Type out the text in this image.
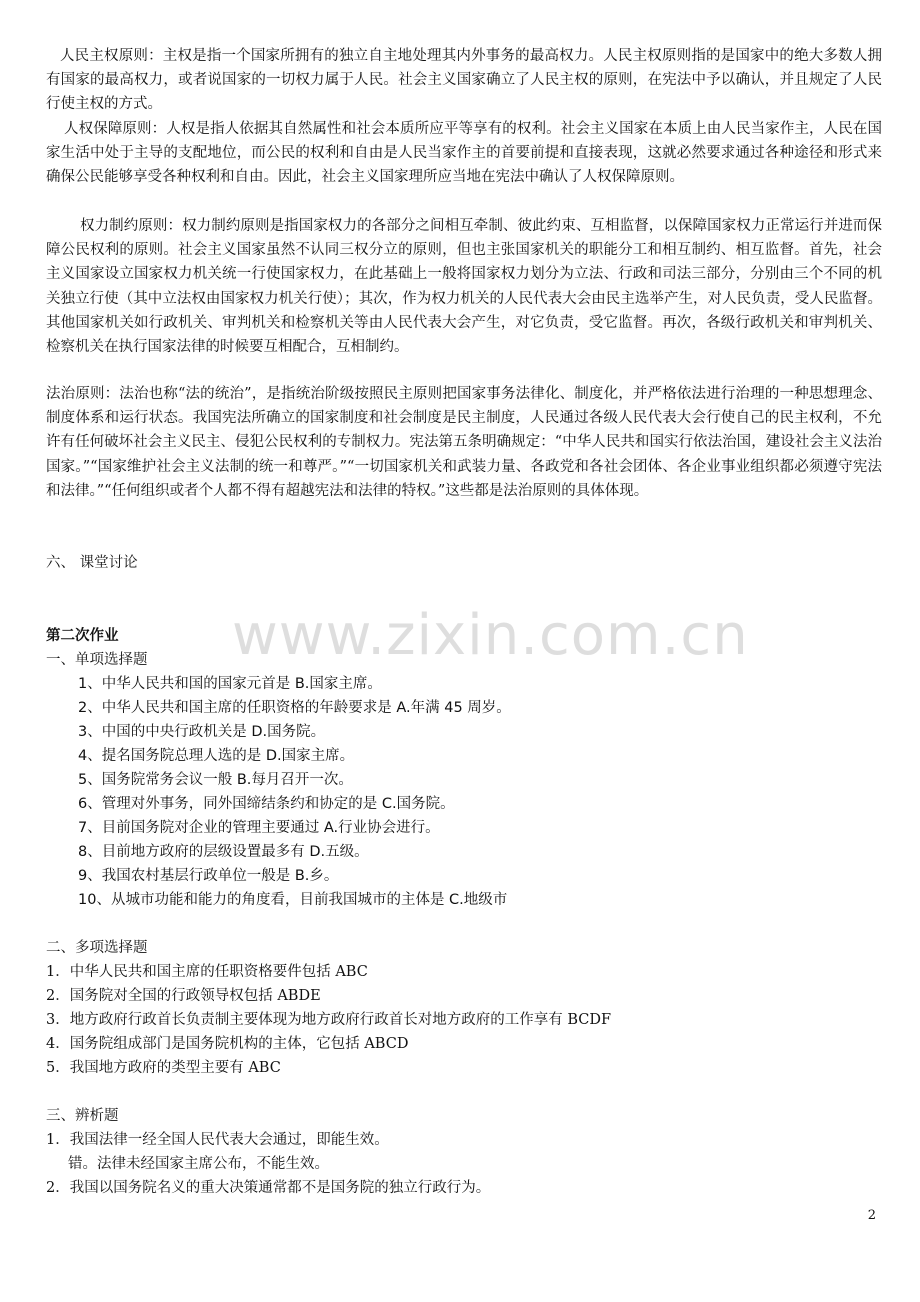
人民主权原则：主权是指一个国家所拥有的独立自主地处理其内外事务的最高权力。人民主权原则指的是国家中的绝大多数人拥有国家的最高权力，或者说国家的一切权力属于人民。社会主义国家确立了人民主权的原则，在宪法中予以确认，并且规定了人民行使主权的方式。

人权保障原则：人权是指人依据其自然属性和社会本质所应平等享有的权利。社会主义国家在本质上由人民当家作主，人民在国家生活中处于主导的支配地位，而公民的权利和自由是人民当家作主的首要前提和直接表现，这就必然要求通过各种途径和形式来确保公民能够享受各种权利和自由。因此，社会主义国家理所应当地在宪法中确认了人权保障原则。

权力制约原则：权力制约原则是指国家权力的各部分之间相互牵制、彼此约束、互相监督，以保障国家权力正常运行并进而保障公民权利的原则。社会主义国家虽然不认同三权分立的原则，但也主张国家机关的职能分工和相互制约、相互监督。首先，社会主义国家设立国家权力机关统一行使国家权力，在此基础上一般将国家权力划分为立法、行政和司法三部分，分别由三个不同的机关独立行使（其中立法权由国家权力机关行使）；其次，作为权力机关的人民代表大会由民主选举产生，对人民负责，受人民监督。其他国家机关如行政机关、审判机关和检察机关等由人民代表大会产生，对它负责，受它监督。再次，各级行政机关和审判机关、检察机关在执行国家法律的时候要互相配合，互相制约。

法治原则：法治也称“法的统治”，是指统治阶级按照民主原则把国家事务法律化、制度化，并严格依法进行治理的一种思想理念、制度体系和运行状态。我国宪法所确立的国家制度和社会制度是民主制度，人民通过各级人民代表大会行使自己的民主权利，不允许有任何破坏社会主义民主、侵犯公民权利的专制权力。宪法第五条明确规定：“中华人民共和国实行依法治国，建设社会主义法治国家。”“国家维护社会主义法制的统一和尊严。”“一切国家机关和武装力量、各政党和各社会团体、各企业事业组织都必须遵守宪法和法律。”“任何组织或者个人都不得有超越宪法和法律的特权。”这些都是法治原则的具体体现。

六、 课堂讨论

www.zixin.com.cn

第二次作业

一、单项选择题

1、中华人民共和国的国家元首是 B.国家主席。

2、中华人民共和国主席的任职资格的年龄要求是 A.年满 45 周岁。

3、中国的中央行政机关是 D.国务院。

4、提名国务院总理人选的是 D.国家主席。

5、国务院常务会议一般 B.每月召开一次。

6、管理对外事务，同外国缔结条约和协定的是 C.国务院。

7、目前国务院对企业的管理主要通过 A.行业协会进行。

8、目前地方政府的层级设置最多有 D.五级。

9、我国农村基层行政单位一般是 B.乡。

10、从城市功能和能力的角度看，目前我国城市的主体是 C.地级市

二、多项选择题

1．中华人民共和国主席的任职资格要件包括 ABC

2．国务院对全国的行政领导权包括 ABDE

3．地方政府行政首长负责制主要体现为地方政府行政首长对地方政府的工作享有 BCDF

4．国务院组成部门是国务院机构的主体，它包括 ABCD

5．我国地方政府的类型主要有 ABC

三、辨析题

1．我国法律一经全国人民代表大会通过，即能生效。

错。法律未经国家主席公布，不能生效。

2．我国以国务院名义的重大决策通常都不是国务院的独立行政行为。

2
